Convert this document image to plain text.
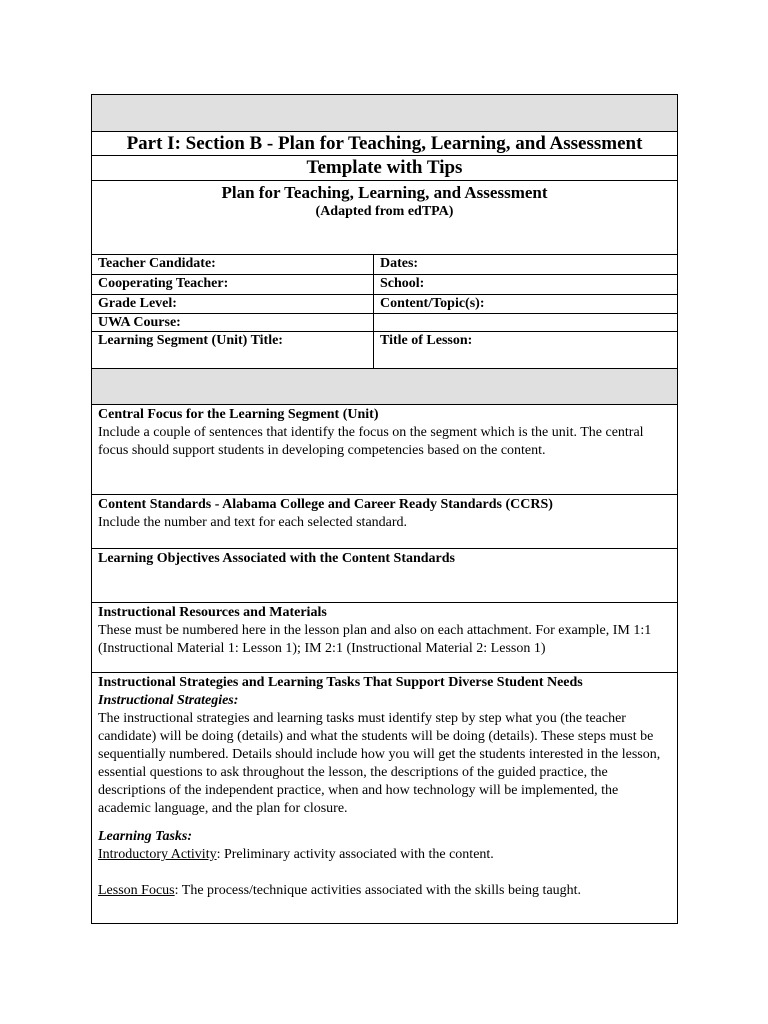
Part I: Section B - Plan for Teaching, Learning, and Assessment
Template with Tips
Plan for Teaching, Learning, and Assessment
(Adapted from edTPA)
Teacher Candidate:	Dates:
Cooperating Teacher:	School:
Grade Level:	Content/Topic(s):
UWA Course:
Learning Segment (Unit) Title:	Title of Lesson:

Central Focus for the Learning Segment (Unit)

Include a couple of sentences that identify the focus on the segment which is the unit. The central focus should support students in developing competencies based on the content.

Content Standards - Alabama College and Career Ready Standards (CCRS)

Include the number and text for each selected standard.

Learning Objectives Associated with the Content Standards

Instructional Resources and Materials

These must be numbered here in the lesson plan and also on each attachment. For example, IM 1:1 (Instructional Material 1: Lesson 1); IM 2:1 (Instructional Material 2: Lesson 1)

Instructional Strategies and Learning Tasks That Support Diverse Student Needs

Instructional Strategies:

The instructional strategies and learning tasks must identify step by step what you (the teacher candidate) will be doing (details) and what the students will be doing (details). These steps must be sequentially numbered. Details should include how you will get the students interested in the lesson, essential questions to ask throughout the lesson, the descriptions of the guided practice, the descriptions of the independent practice, when and how technology will be implemented, the academic language, and the plan for closure.

Learning Tasks:

Introductory Activity: Preliminary activity associated with the content.

Lesson Focus: The process/technique activities associated with the skills being taught.
